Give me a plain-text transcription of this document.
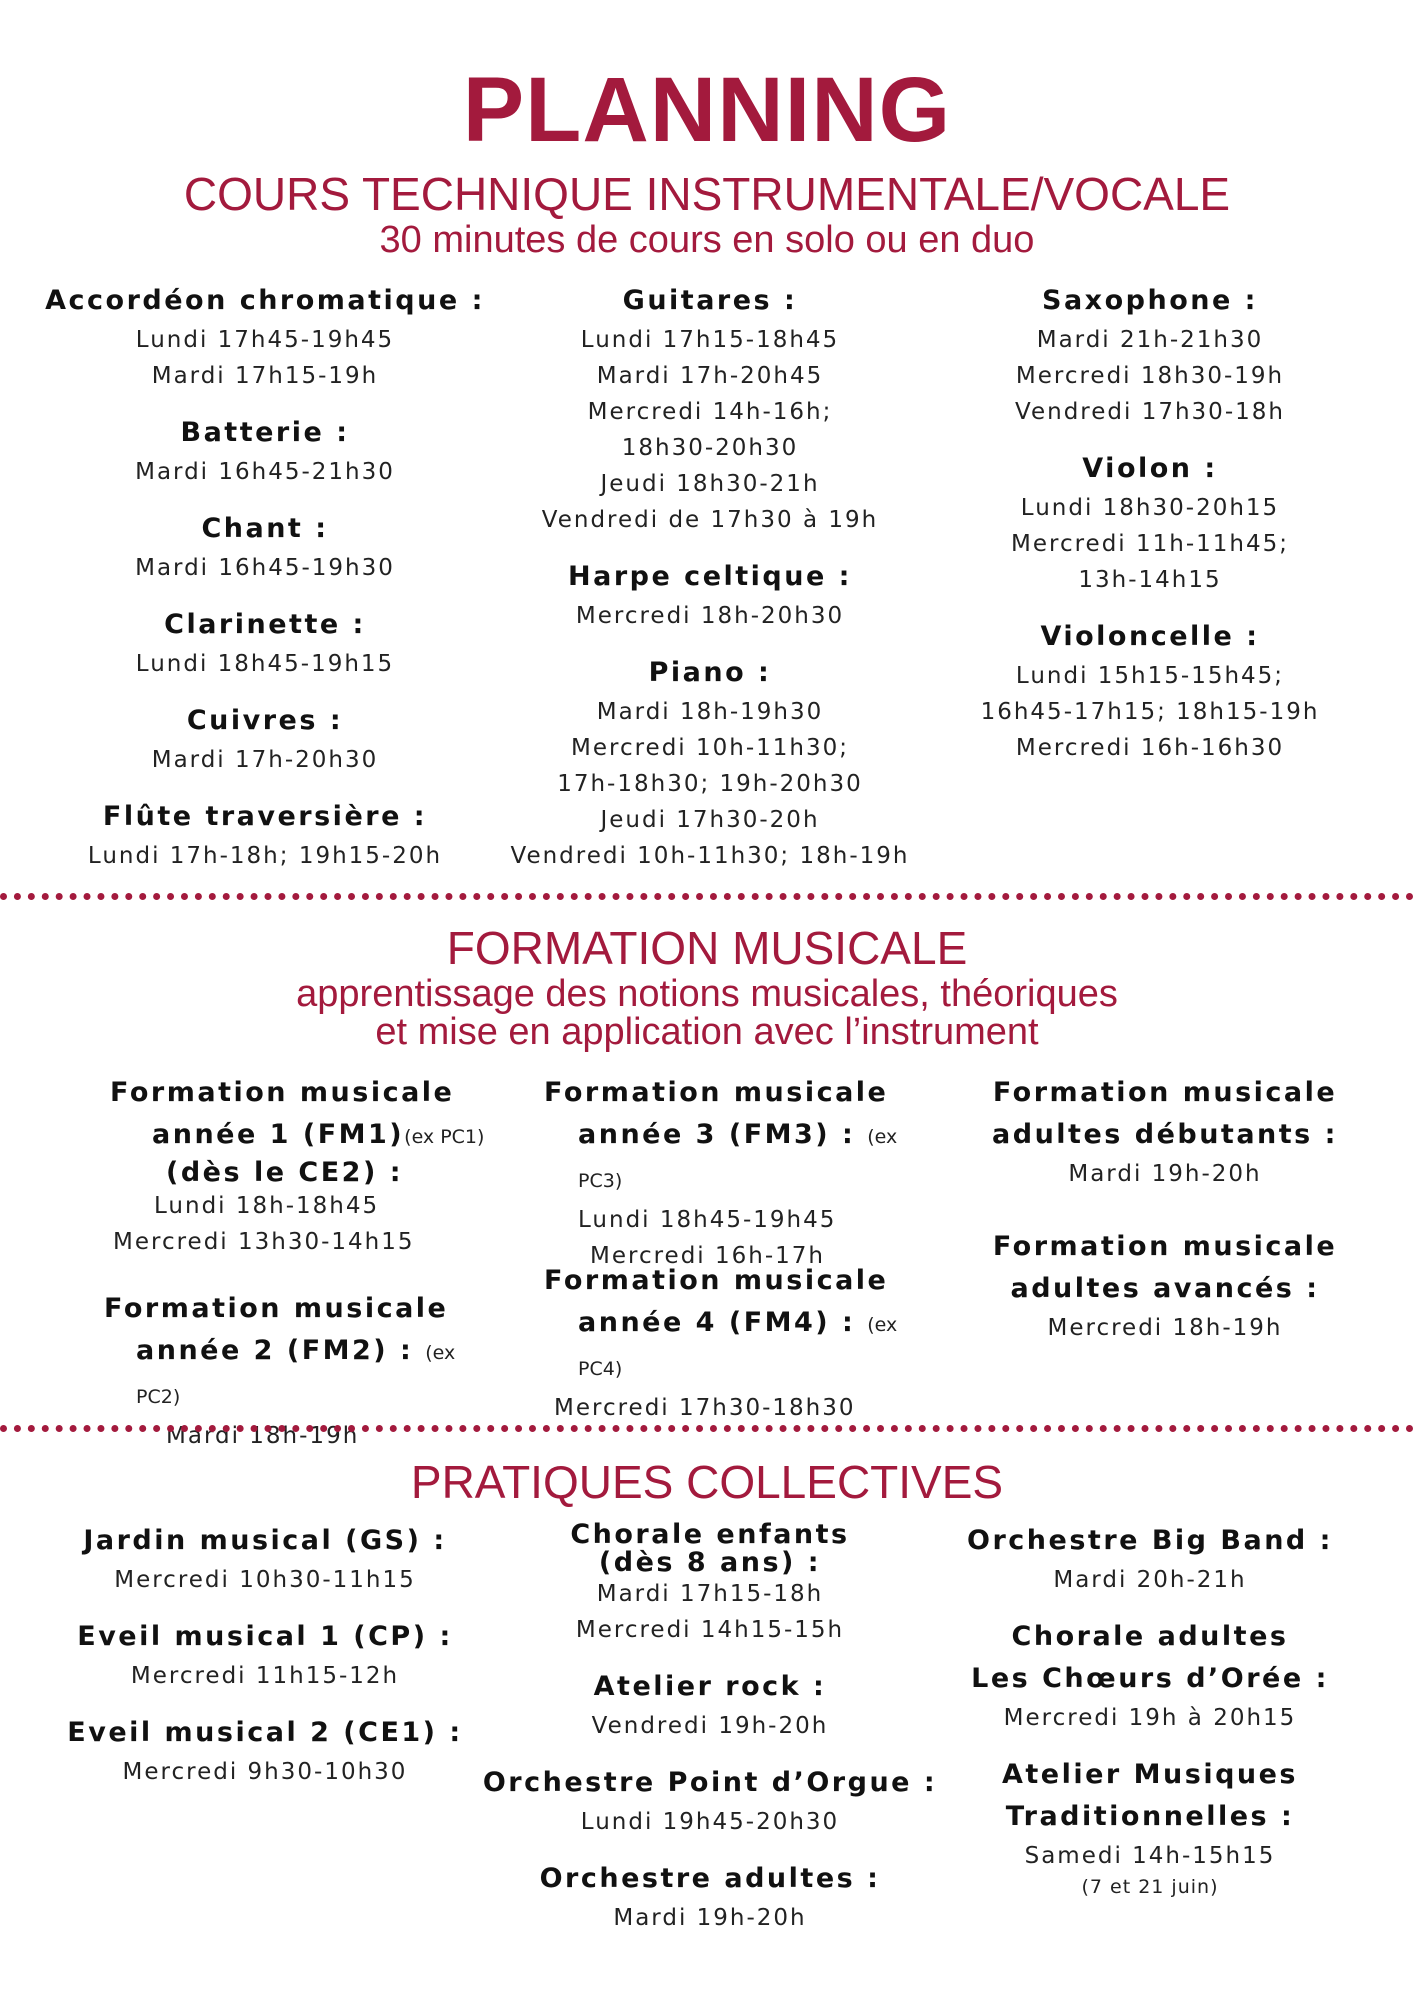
PLANNING
COURS TECHNIQUE INSTRUMENTALE/VOCALE
30 minutes de cours en solo ou en duo
Accordéon chromatique :
Lundi 17h45-19h45
Mardi 17h15-19h
Batterie :
Mardi 16h45-21h30
Chant :
Mardi 16h45-19h30
Clarinette :
Lundi 18h45-19h15
Cuivres :
Mardi 17h-20h30
Flûte traversière :
Lundi 17h-18h; 19h15-20h
Guitares :
Lundi 17h15-18h45
Mardi 17h-20h45
Mercredi 14h-16h;
18h30-20h30
Jeudi 18h30-21h
Vendredi de 17h30 à 19h
Harpe celtique :
Mercredi 18h-20h30
Piano :
Mardi 18h-19h30
Mercredi 10h-11h30;
17h-18h30; 19h-20h30
Jeudi 17h30-20h
Vendredi 10h-11h30; 18h-19h
Saxophone :
Mardi 21h-21h30
Mercredi 18h30-19h
Vendredi 17h30-18h
Violon :
Lundi 18h30-20h15
Mercredi 11h-11h45;
13h-14h15
Violoncelle :
Lundi 15h15-15h45;
16h45-17h15; 18h15-19h
Mercredi 16h-16h30
FORMATION MUSICALE
apprentissage des notions musicales, théoriques
et mise en application avec l’instrument
Formation musicale
année 1 (FM1)(ex PC1)
(dès le CE2) :
Lundi 18h-18h45
Mercredi 13h30-14h15
Formation musicale
année 2 (FM2) : (ex PC2)
Mardi 18h-19h
Formation musicale
année 3 (FM3) : (ex PC3)
Lundi 18h45-19h45
Mercredi 16h-17h
Formation musicale
année 4 (FM4) : (ex PC4)
Mercredi 17h30-18h30
Formation musicale
adultes débutants :
Mardi 19h-20h
Formation musicale
adultes avancés :
Mercredi 18h-19h
PRATIQUES COLLECTIVES
Jardin musical (GS) :
Mercredi 10h30-11h15
Eveil musical 1 (CP) :
Mercredi 11h15-12h
Eveil musical 2 (CE1) :
Mercredi 9h30-10h30
Chorale enfants
(dès 8 ans) :
Mardi 17h15-18h
Mercredi 14h15-15h
Atelier rock :
Vendredi 19h-20h
Orchestre Point d’Orgue :
Lundi 19h45-20h30
Orchestre adultes :
Mardi 19h-20h
Orchestre Big Band :
Mardi 20h-21h
Chorale adultes
Les Chœurs d’Orée :
Mercredi 19h à 20h15
Atelier Musiques
Traditionnelles :
Samedi 14h-15h15
(7 et 21 juin)
